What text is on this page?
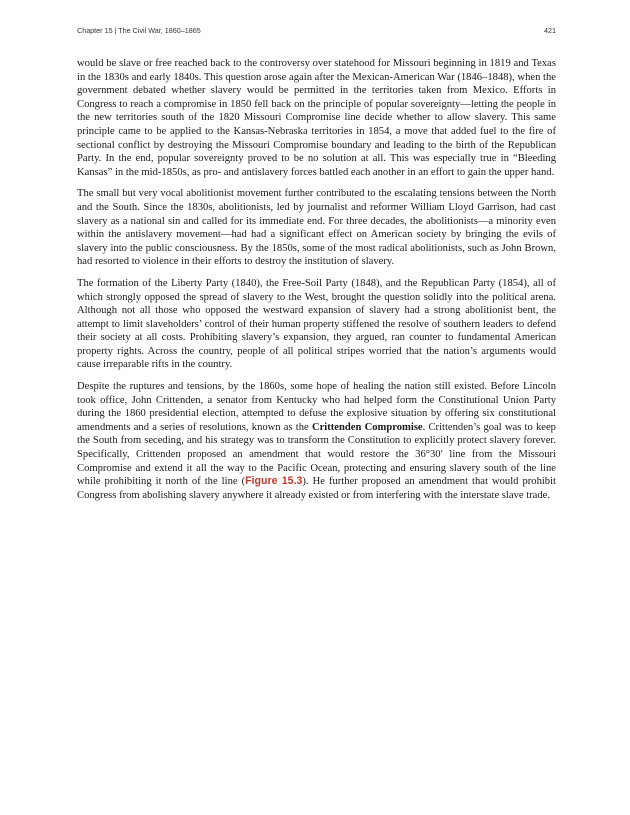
Chapter 15 | The Civil War, 1860–1865	421

would be slave or free reached back to the controversy over statehood for Missouri beginning in 1819 and Texas in the 1830s and early 1840s. This question arose again after the Mexican-American War (1846–1848), when the government debated whether slavery would be permitted in the territories taken from Mexico. Efforts in Congress to reach a compromise in 1850 fell back on the principle of popular sovereignty—letting the people in the new territories south of the 1820 Missouri Compromise line decide whether to allow slavery. This same principle came to be applied to the Kansas-Nebraska territories in 1854, a move that added fuel to the fire of sectional conflict by destroying the Missouri Compromise boundary and leading to the birth of the Republican Party. In the end, popular sovereignty proved to be no solution at all. This was especially true in “Bleeding Kansas” in the mid-1850s, as pro- and antislavery forces battled each another in an effort to gain the upper hand.

The small but very vocal abolitionist movement further contributed to the escalating tensions between the North and the South. Since the 1830s, abolitionists, led by journalist and reformer William Lloyd Garrison, had cast slavery as a national sin and called for its immediate end. For three decades, the abolitionists—a minority even within the antislavery movement—had had a significant effect on American society by bringing the evils of slavery into the public consciousness. By the 1850s, some of the most radical abolitionists, such as John Brown, had resorted to violence in their efforts to destroy the institution of slavery.

The formation of the Liberty Party (1840), the Free-Soil Party (1848), and the Republican Party (1854), all of which strongly opposed the spread of slavery to the West, brought the question solidly into the political arena. Although not all those who opposed the westward expansion of slavery had a strong abolitionist bent, the attempt to limit slaveholders’ control of their human property stiffened the resolve of southern leaders to defend their society at all costs. Prohibiting slavery’s expansion, they argued, ran counter to fundamental American property rights. Across the country, people of all political stripes worried that the nation’s arguments would cause irreparable rifts in the country.

Despite the ruptures and tensions, by the 1860s, some hope of healing the nation still existed. Before Lincoln took office, John Crittenden, a senator from Kentucky who had helped form the Constitutional Union Party during the 1860 presidential election, attempted to defuse the explosive situation by offering six constitutional amendments and a series of resolutions, known as the Crittenden Compromise. Crittenden’s goal was to keep the South from seceding, and his strategy was to transform the Constitution to explicitly protect slavery forever. Specifically, Crittenden proposed an amendment that would restore the 36°30′ line from the Missouri Compromise and extend it all the way to the Pacific Ocean, protecting and ensuring slavery south of the line while prohibiting it north of the line (Figure 15.3). He further proposed an amendment that would prohibit Congress from abolishing slavery anywhere it already existed or from interfering with the interstate slave trade.
